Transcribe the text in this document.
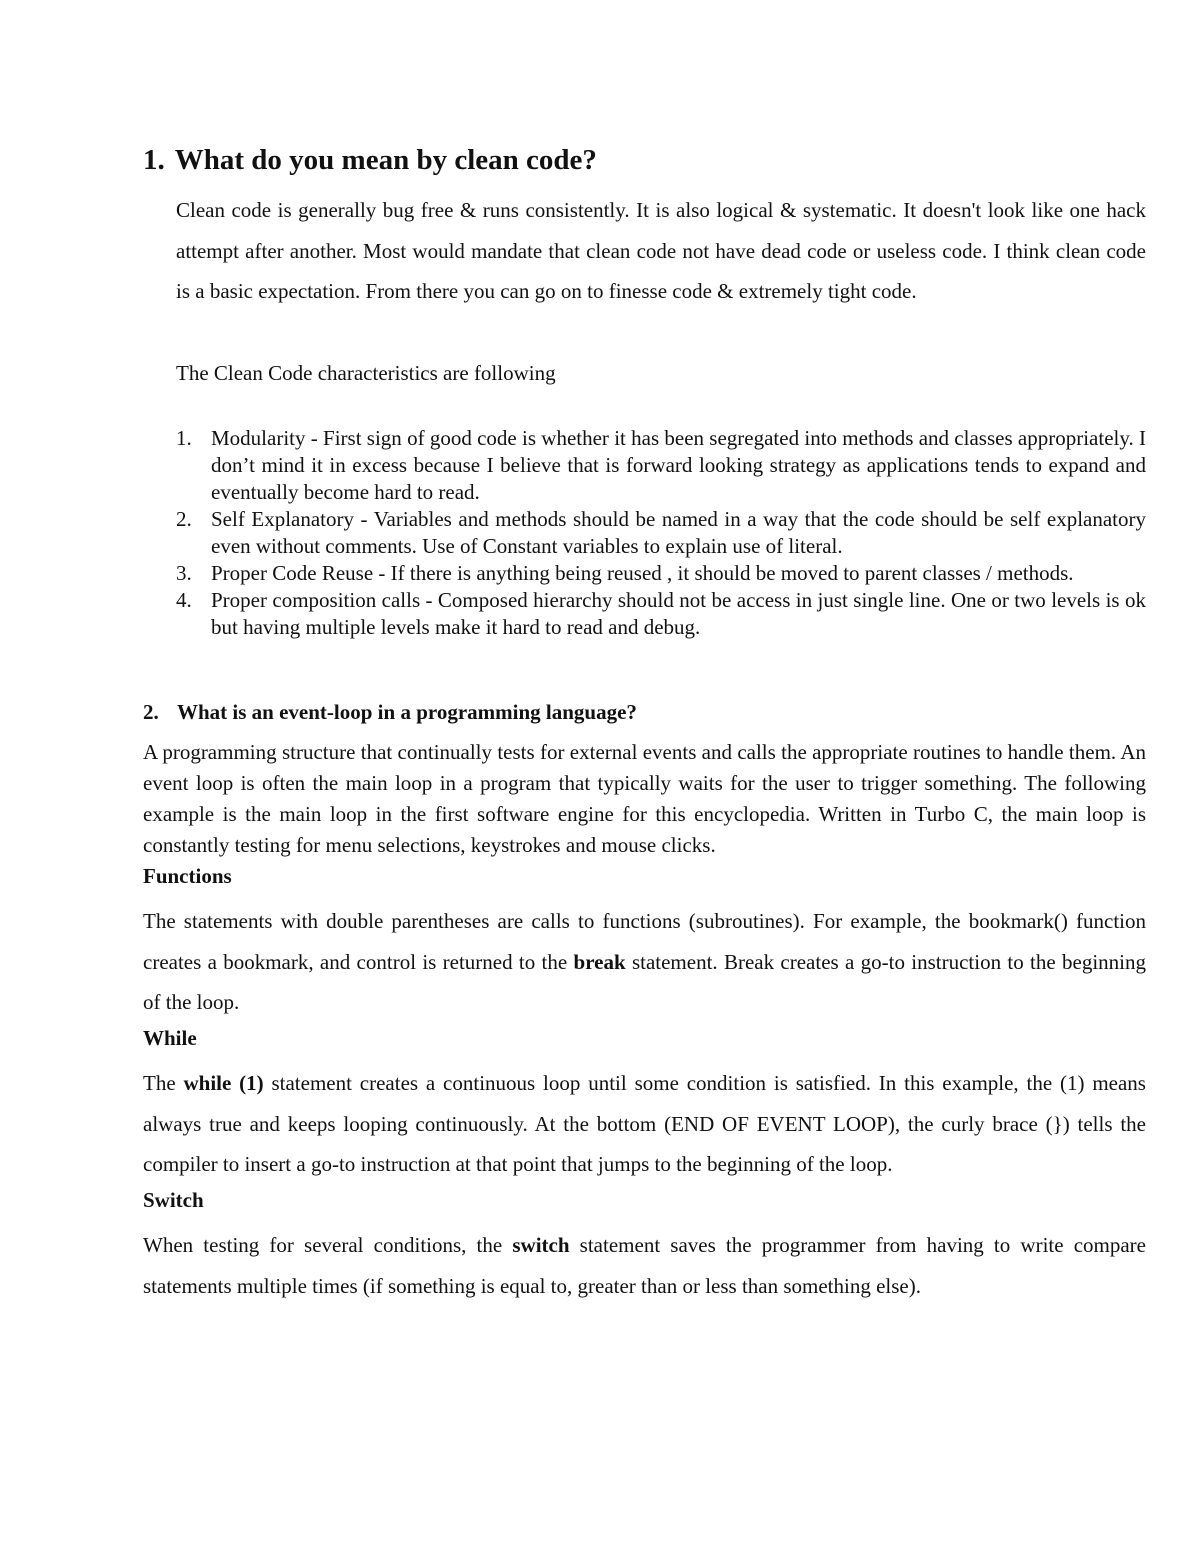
1. What do you mean by clean code?
Clean code is generally bug free & runs consistently. It is also logical & systematic. It doesn't look like one hack attempt after another. Most would mandate that clean code not have dead code or useless code. I think clean code is a basic expectation. From there you can go on to finesse code & extremely tight code.
The Clean Code characteristics are following
1. Modularity - First sign of good code is whether it has been segregated into methods and classes appropriately. I don’t mind it in excess because I believe that is forward looking strategy as applications tends to expand and eventually become hard to read.
2. Self Explanatory - Variables and methods should be named in a way that the code should be self explanatory even without comments. Use of Constant variables to explain use of literal.
3. Proper Code Reuse - If there is anything being reused , it should be moved to parent classes / methods.
4. Proper composition calls - Composed hierarchy should not be access in just single line. One or two levels is ok but having multiple levels make it hard to read and debug.
2. What is an event-loop in a programming language?
A programming structure that continually tests for external events and calls the appropriate routines to handle them. An event loop is often the main loop in a program that typically waits for the user to trigger something. The following example is the main loop in the first software engine for this encyclopedia. Written in Turbo C, the main loop is constantly testing for menu selections, keystrokes and mouse clicks.
Functions
The statements with double parentheses are calls to functions (subroutines). For example, the bookmark() function creates a bookmark, and control is returned to the break statement. Break creates a go-to instruction to the beginning of the loop.
While
The while (1) statement creates a continuous loop until some condition is satisfied. In this example, the (1) means always true and keeps looping continuously. At the bottom (END OF EVENT LOOP), the curly brace (}) tells the compiler to insert a go-to instruction at that point that jumps to the beginning of the loop.
Switch
When testing for several conditions, the switch statement saves the programmer from having to write compare statements multiple times (if something is equal to, greater than or less than something else).
